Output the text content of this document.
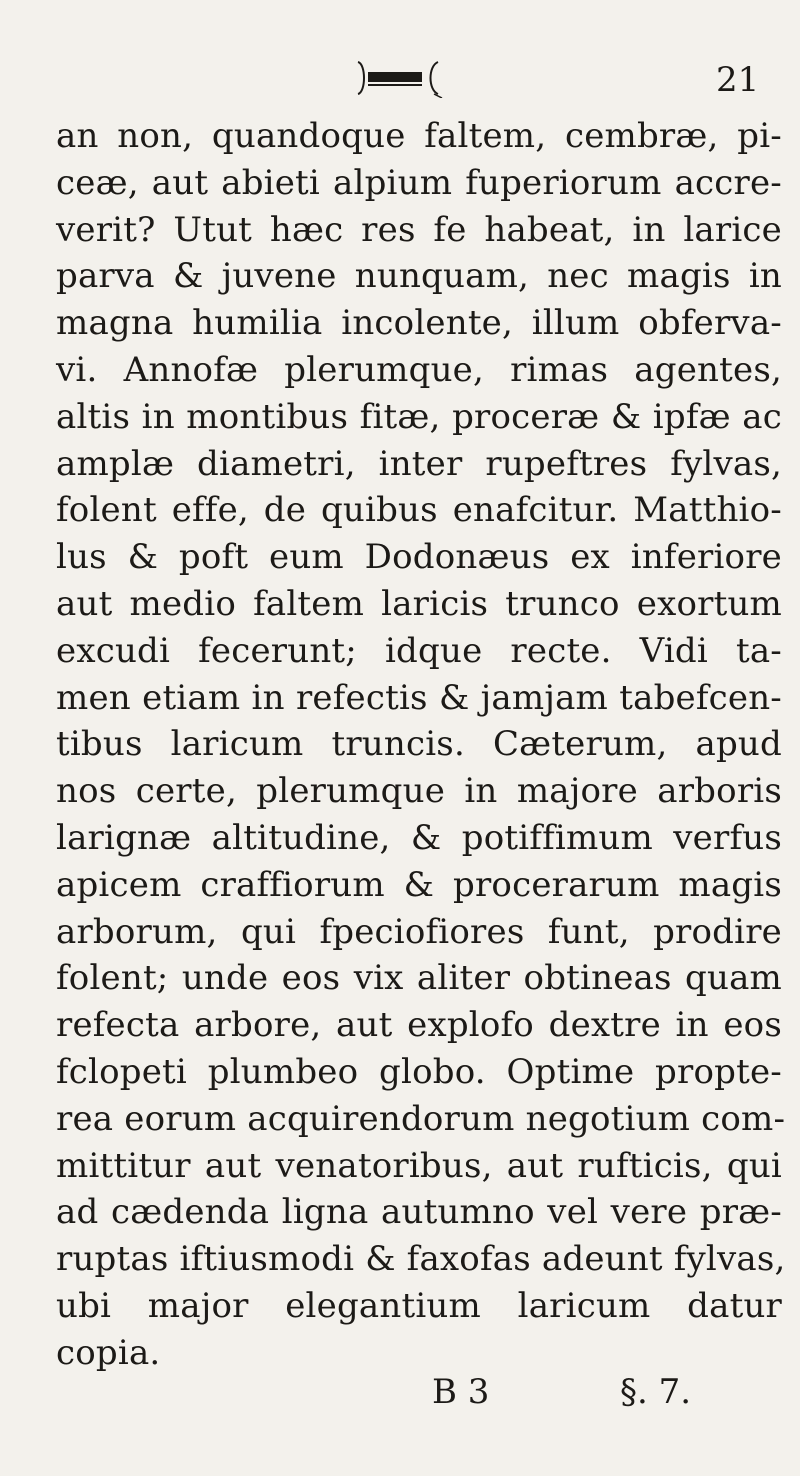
21
an non, quandoque faltem, cembræ, pi-
ceæ, aut abieti alpium fuperiorum accre-
verit? Utut hæc res fe habeat, in larice
parva & juvene nunquam, nec magis in
magna humilia incolente, illum obferva-
vi. Annofæ plerumque, rimas agentes,
altis in montibus fitæ, proceræ & ipfæ ac
amplæ diametri, inter rupeftres fylvas,
folent effe, de quibus enafcitur. Matthio-
lus & poft eum Dodonæus ex inferiore
aut medio faltem laricis trunco exortum
excudi fecerunt; idque recte. Vidi ta-
men etiam in refectis & jamjam tabefcen-
tibus laricum truncis. Cæterum, apud
nos certe, plerumque in majore arboris
larignæ altitudine, & potiffimum verfus
apicem craffiorum & procerarum magis
arborum, qui fpeciofiores funt, prodire
folent; unde eos vix aliter obtineas quam
refecta arbore, aut explofo dextre in eos
fclopeti plumbeo globo. Optime propte-
rea eorum acquirendorum negotium com-
mittitur aut venatoribus, aut rufticis, qui
ad cædenda ligna autumno vel vere præ-
ruptas iftiusmodi & faxofas adeunt fylvas,
ubi major elegantium laricum datur
copia.
B 3	§. 7.
